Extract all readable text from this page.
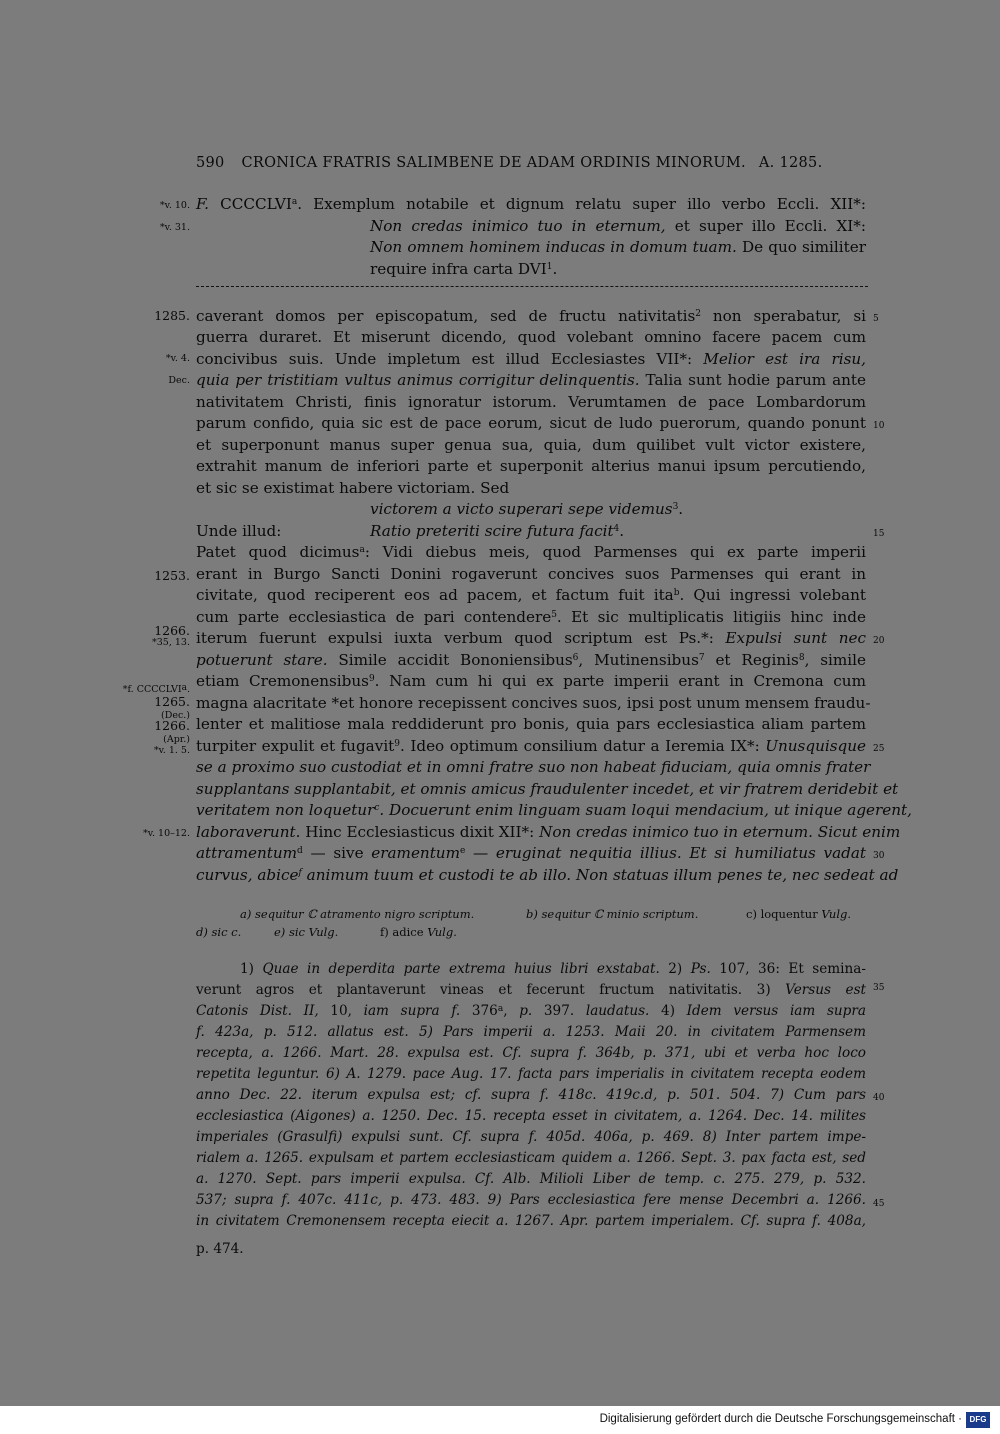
590 CRONICA FRATRIS SALIMBENE DE ADAM ORDINIS MINORUM. A. 1285.
*v. 10.
*v. 31.
F. CCCCLVI$^a$. Exemplum notabile et dignum relatu super illo verbo Eccli. XII*:
Non credas inimico tuo in eternum, et super illo Eccli. XI*:
Non omnem hominem inducas in domum tuam. De quo similiter
require infra carta DVI$^1$.
1285.
*v. 4.
Dec.
1253.
1266.
*35, 13.
*f. CCCCLVI$^a$.
1265.
(Dec.)
1266.
(Apr.)
*v. 1. 5.
*v. 10–12.
5
10
15
20
25
30
35
40
45
caverant domos per episcopatum, sed de fructu nativitatis$^2$ non sperabatur, si
guerra duraret. Et miserunt dicendo, quod volebant omnino facere pacem cum
concivibus suis. Unde impletum est illud Ecclesiastes VII*: Melior est ira risu,
quia per tristitiam vultus animus corrigitur delinquentis. Talia sunt hodie parum ante
nativitatem Christi, finis ignoratur istorum. Verumtamen de pace Lombardorum
parum confido, quia sic est de pace eorum, sicut de ludo puerorum, quando ponunt
et superponunt manus super genua sua, quia, dum quilibet vult victor existere,
extrahit manum de inferiori parte et superponit alterius manui ipsum percutiendo,
et sic se existimat habere victoriam. Sed
victorem a victo superari sepe videmus$^3$.
Unde illud:	Ratio preteriti scire futura facit$^4$.
Patet quod dicimus$^a$: Vidi diebus meis, quod Parmenses qui ex parte imperii
erant in Burgo Sancti Donini rogaverunt concives suos Parmenses qui erant in
civitate, quod reciperent eos ad pacem, et factum fuit ita$^b$. Qui ingressi volebant
cum parte ecclesiastica de pari contendere$^5$. Et sic multiplicatis litigiis hinc inde
iterum fuerunt expulsi iuxta verbum quod scriptum est Ps.*: Expulsi sunt nec
potuerunt stare. Simile accidit Bononiensibus$^6$, Mutinensibus$^7$ et Reginis$^8$, simile
etiam Cremonensibus$^9$. Nam cum hi qui ex parte imperii erant in Cremona cum
magna alacritate *et honore recepissent concives suos, ipsi post unum mensem fraudu-
lenter et malitiose mala reddiderunt pro bonis, quia pars ecclesiastica aliam partem
turpiter expulit et fugavit$^9$. Ideo optimum consilium datur a Ieremia IX*: Unusquisque
se a proximo suo custodiat et in omni fratre suo non habeat fiduciam, quia omnis frater
supplantans supplantabit, et omnis amicus fraudulenter incedet, et vir fratrem deridebit et
veritatem non loquetur$^c$. Docuerunt enim linguam suam loqui mendacium, ut inique agerent,
laboraverunt. Hinc Ecclesiasticus dixit XII*: Non credas inimico tuo in eternum. Sicut enim
attramentum$^d$ — sive eramentum$^e$ — eruginat nequitia illius. Et si humiliatus vadat
curvus, abice$^f$ animum tuum et custodi te ab illo. Non statuas illum penes te, nec sedeat ad
a) sequitur ℂ atramento nigro scriptum.	b) sequitur ℂ minio scriptum.	c) loquentur Vulg.
d) sic c.	e) sic Vulg.	f) adice Vulg.
1) Quae in deperdita parte extrema huius libri exstabat. 2) Ps. 107, 36: Et semina-
verunt agros et plantaverunt vineas et fecerunt fructum nativitatis. 3) Versus est
Catonis Dist. II, 10, iam supra f. 376$^a$, p. 397. laudatus. 4) Idem versus iam supra
f. 423a, p. 512. allatus est. 5) Pars imperii a. 1253. Maii 20. in civitatem Parmensem
recepta, a. 1266. Mart. 28. expulsa est. Cf. supra f. 364b, p. 371, ubi et verba hoc loco
repetita leguntur. 6) A. 1279. pace Aug. 17. facta pars imperialis in civitatem recepta eodem
anno Dec. 22. iterum expulsa est; cf. supra f. 418c. 419c.d, p. 501. 504. 7) Cum pars
ecclesiastica (Aigones) a. 1250. Dec. 15. recepta esset in civitatem, a. 1264. Dec. 14. milites
imperiales (Grasulfi) expulsi sunt. Cf. supra f. 405d. 406a, p. 469. 8) Inter partem impe-
rialem a. 1265. expulsam et partem ecclesiasticam quidem a. 1266. Sept. 3. pax facta est, sed
a. 1270. Sept. pars imperii expulsa. Cf. Alb. Milioli Liber de temp. c. 275. 279, p. 532.
537; supra f. 407c. 411c, p. 473. 483. 9) Pars ecclesiastica fere mense Decembri a. 1266.
in civitatem Cremonensem recepta eiecit a. 1267. Apr. partem imperialem. Cf. supra f. 408a,
p. 474.
Digitalisierung gefördert durch die Deutsche Forschungsgemeinschaft · DFG
